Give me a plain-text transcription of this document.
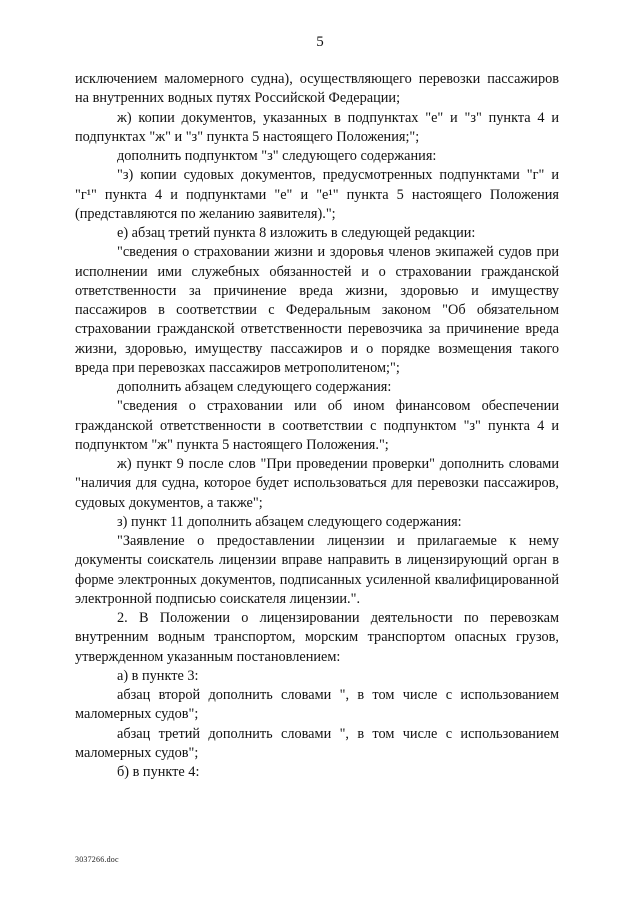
5

исключением маломерного судна), осуществляющего перевозки пассажиров на внутренних водных путях Российской Федерации;

ж) копии документов, указанных в подпунктах "е" и "з" пункта 4 и подпунктах "ж" и "з" пункта 5 настоящего Положения;";

дополнить подпунктом "з" следующего содержания:

"з) копии судовых документов, предусмотренных подпунктами "г" и "г¹" пункта 4 и подпунктами "е" и "е¹" пункта 5 настоящего Положения (представляются по желанию заявителя).";

е) абзац третий пункта 8 изложить в следующей редакции:

"сведения о страховании жизни и здоровья членов экипажей судов при исполнении ими служебных обязанностей и о страховании гражданской ответственности за причинение вреда жизни, здоровью и имуществу пассажиров в соответствии с Федеральным законом "Об обязательном страховании гражданской ответственности перевозчика за причинение вреда жизни, здоровью, имуществу пассажиров и о порядке возмещения такого вреда при перевозках пассажиров метрополитеном;";

дополнить абзацем следующего содержания:

"сведения о страховании или об ином финансовом обеспечении гражданской ответственности в соответствии с подпунктом "з" пункта 4 и подпунктом "ж" пункта 5 настоящего Положения.";

ж) пункт 9 после слов "При проведении проверки" дополнить словами "наличия для судна, которое будет использоваться для перевозки пассажиров, судовых документов, а также";

з) пункт 11 дополнить абзацем следующего содержания:

"Заявление о предоставлении лицензии и прилагаемые к нему документы соискатель лицензии вправе направить в лицензирующий орган в форме электронных документов, подписанных усиленной квалифицированной электронной подписью соискателя лицензии.".

2. В Положении о лицензировании деятельности по перевозкам внутренним водным транспортом, морским транспортом опасных грузов, утвержденном указанным постановлением:

а) в пункте 3:

абзац второй дополнить словами ", в том числе с использованием маломерных судов";

абзац третий дополнить словами ", в том числе с использованием маломерных судов";

б) в пункте 4:

3037266.doc
